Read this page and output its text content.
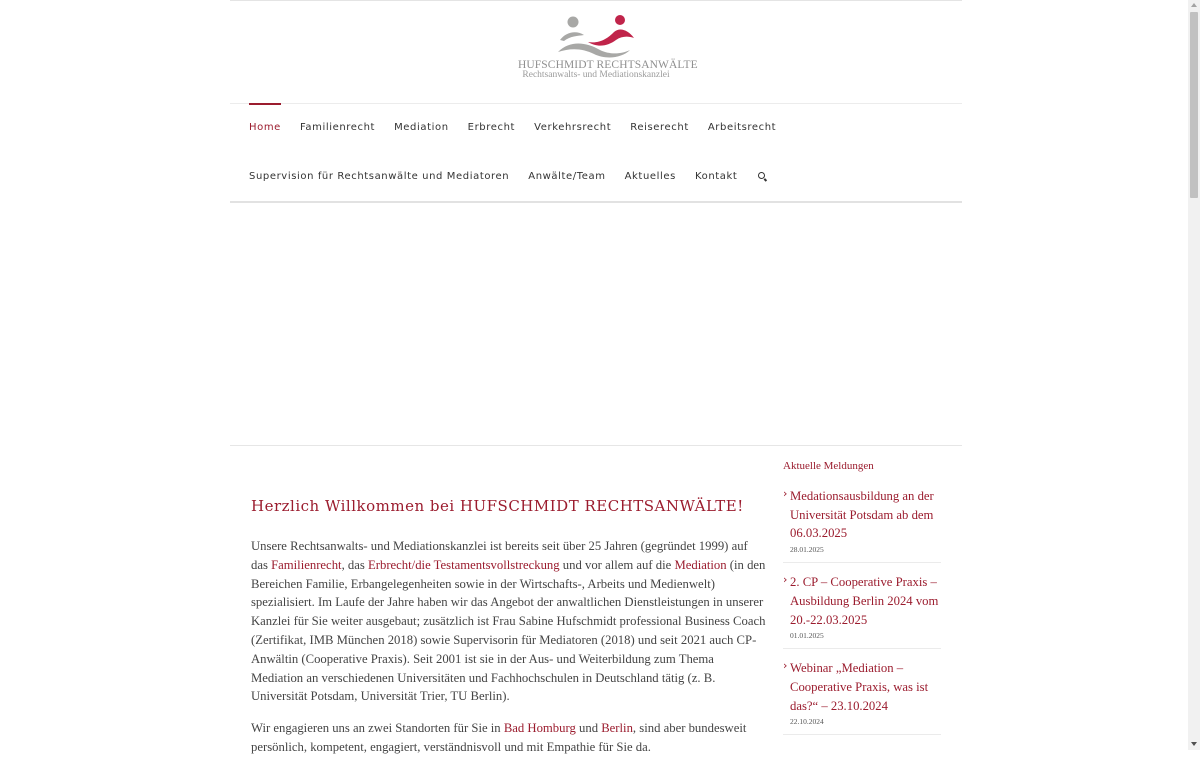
HUFSCHMIDT RECHTSANWÄLTE
Rechtsanwalts- und Mediationskanzlei
Home Familienrecht Mediation Erbrecht Verkehrsrecht Reiserecht Arbeitsrecht
Supervision für Rechtsanwälte und Mediatoren Anwälte/Team Aktuelles Kontakt
Herzlich Willkommen bei HUFSCHMIDT RECHTSANWÄLTE!

Unsere Rechtsanwalts- und Mediationskanzlei ist bereits seit über 25 Jahren (gegründet 1999) auf das Familienrecht, das Erbrecht/die Testamentsvollstreckung und vor allem auf die Mediation (in den Bereichen Familie, Erbangelegenheiten sowie in der Wirtschafts-, Arbeits und Medienwelt) spezialisiert. Im Laufe der Jahre haben wir das Angebot der anwaltlichen Dienstleistungen in unserer Kanzlei für Sie weiter ausgebaut; zusätzlich ist Frau Sabine Hufschmidt professional Business Coach (Zertifikat, IMB München 2018) sowie Supervisorin für Mediatoren (2018) und seit 2021 auch CP-Anwältin (Cooperative Praxis). Seit 2001 ist sie in der Aus- und Weiterbildung zum Thema Mediation an verschiedenen Universitäten und Fachhochschulen in Deutschland tätig (z. B. Universität Potsdam, Universität Trier, TU Berlin).

Wir engagieren uns an zwei Standorten für Sie in Bad Homburg und Berlin, sind aber bundesweit persönlich, kompetent, engagiert, verständnisvoll und mit Empathie für Sie da.

Aktuelle Meldungen
› Medationsausbildung an der Universität Potsdam ab dem 06.03.2025
28.01.2025
› 2. CP – Cooperative Praxis – Ausbildung Berlin 2024 vom 20.-22.03.2025
01.01.2025
› Webinar „Mediation – Cooperative Praxis, was ist das?“ – 23.10.2024
22.10.2024
